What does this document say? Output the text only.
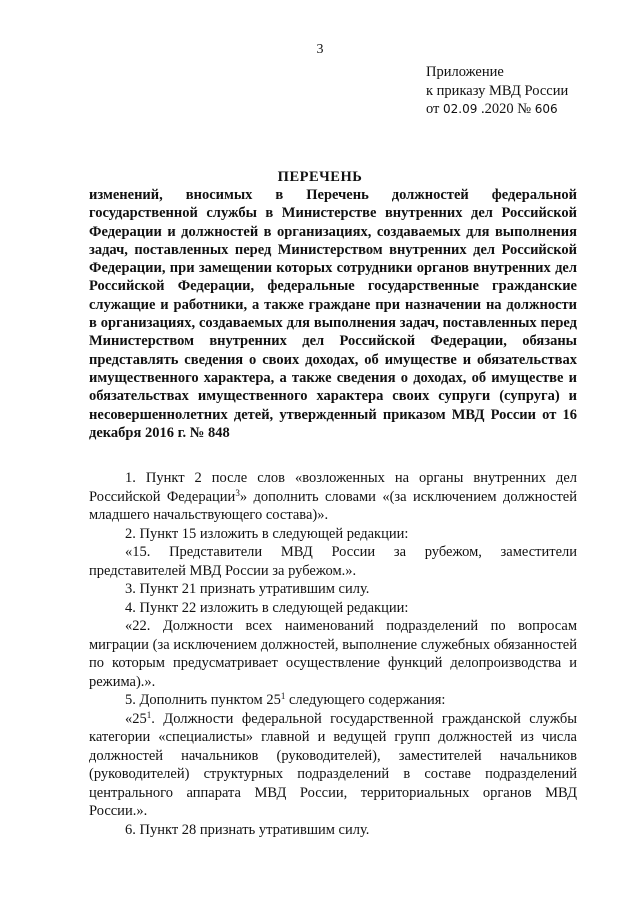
3
Приложение
к приказу МВД России
от 02.09 .2020 № 606
ПЕРЕЧЕНЬ
изменений, вносимых в Перечень должностей федеральной государственной службы в Министерстве внутренних дел Российской Федерации и должностей в организациях, создаваемых для выполнения задач, поставленных перед Министерством внутренних дел Российской Федерации, при замещении которых сотрудники органов внутренних дел Российской Федерации, федеральные государственные гражданские служащие и работники, а также граждане при назначении на должности в организациях, создаваемых для выполнения задач, поставленных перед Министерством внутренних дел Российской Федерации, обязаны представлять сведения о своих доходах, об имуществе и обязательствах имущественного характера, а также сведения о доходах, об имуществе и обязательствах имущественного характера своих супруги (супруга) и несовершеннолетних детей, утвержденный приказом МВД России от 16 декабря 2016 г. № 848

1. Пункт 2 после слов «возложенных на органы внутренних дел Российской Федерации$^3$» дополнить словами «(за исключением должностей младшего начальствующего состава)».

2. Пункт 15 изложить в следующей редакции:

«15. Представители МВД России за рубежом, заместители представителей МВД России за рубежом.».

3. Пункт 21 признать утратившим силу.

4. Пункт 22 изложить в следующей редакции:

«22. Должности всех наименований подразделений по вопросам миграции (за исключением должностей, выполнение служебных обязанностей по которым предусматривает осуществление функций делопроизводства и режима).».

5. Дополнить пунктом $25^1$ следующего содержания:

«$25^1$. Должности федеральной государственной гражданской службы категории «специалисты» главной и ведущей групп должностей из числа должностей начальников (руководителей), заместителей начальников (руководителей) структурных подразделений в составе подразделений центрального аппарата МВД России, территориальных органов МВД России.».

6. Пункт 28 признать утратившим силу.
